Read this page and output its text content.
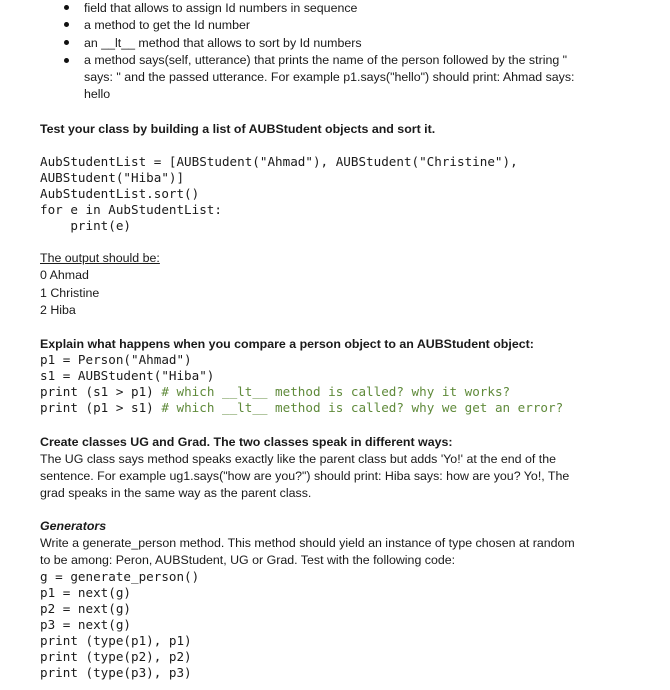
field that allows to assign Id numbers in sequence
a method to get the Id number
an __lt__ method that allows to sort by Id numbers
a method says(self, utterance) that prints the name of the person followed by the string "
says: " and the passed utterance. For example p1.says("hello") should print: Ahmad says:
hello
Test your class by building a list of AUBStudent objects and sort it.
AubStudentList = [AUBStudent("Ahmad"), AUBStudent("Christine"),
AUBStudent("Hiba")]
AubStudentList.sort()
for e in AubStudentList:
print(e)
The output should be:
0 Ahmad
1 Christine
2 Hiba
Explain what happens when you compare a person object to an AUBStudent object:
p1 = Person("Ahmad")
s1 = AUBStudent("Hiba")
print (s1 > p1) # which __lt__ method is called? why it works?
print (p1 > s1) # which __lt__ method is called? why we get an error?
Create classes UG and Grad. The two classes speak in different ways:
The UG class says method speaks exactly like the parent class but adds 'Yo!' at the end of the
sentence. For example ug1.says("how are you?") should print: Hiba says: how are you? Yo!, The
grad speaks in the same way as the parent class.
Generators
Write a generate_person method. This method should yield an instance of type chosen at random
to be among: Peron, AUBStudent, UG or Grad. Test with the following code:
g = generate_person()
p1 = next(g)
p2 = next(g)
p3 = next(g)
print (type(p1), p1)
print (type(p2), p2)
print (type(p3), p3)
